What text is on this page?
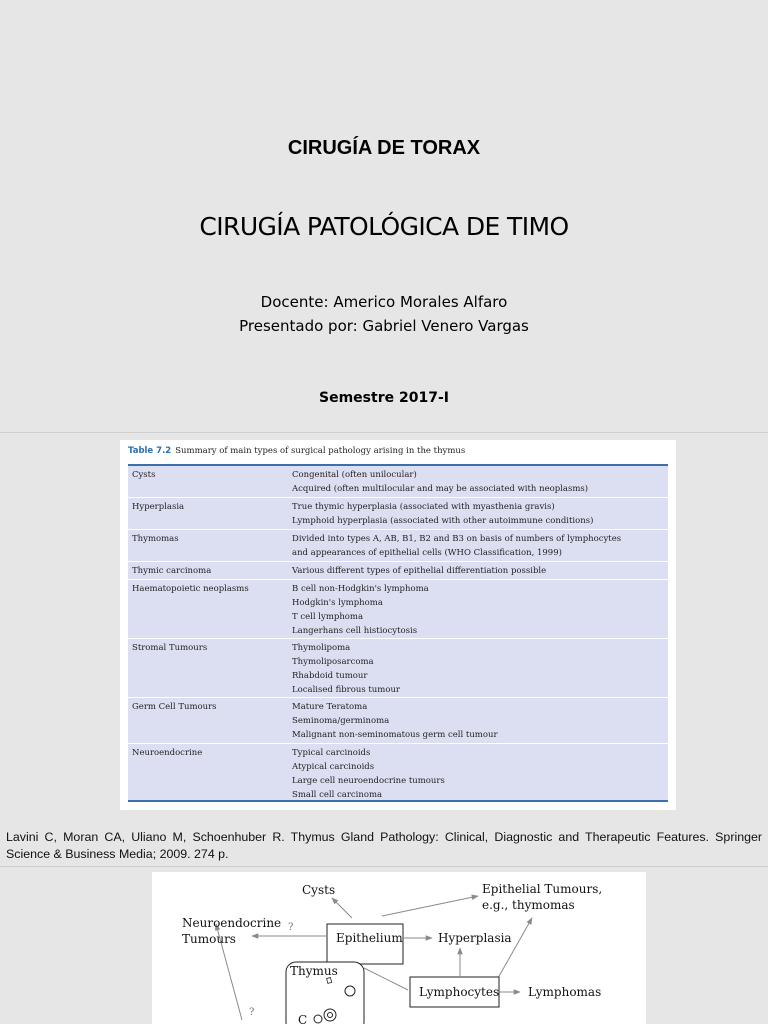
CIRUGÍA DE TORAX
CIRUGÍA PATOLÓGICA DE TIMO
Docente: Americo Morales Alfaro
Presentado por: Gabriel Venero Vargas
Semestre 2017-I
Table 7.2 Summary of main types of surgical pathology arising in the thymus
Cysts	Congenital (often unilocular)
Acquired (often multilocular and may be associated with neoplasms)
Hyperplasia	True thymic hyperplasia (associated with myasthenia gravis)
Lymphoid hyperplasia (associated with other autoimmune conditions)
Thymomas	Divided into types A, AB, B1, B2 and B3 on basis of numbers of lymphocytes
and appearances of epithelial cells (WHO Classification, 1999)
Thymic carcinoma	Various different types of epithelial differentiation possible
Haematopoietic neoplasms	B cell non-Hodgkin's lymphoma
Hodgkin's lymphoma
T cell lymphoma
Langerhans cell histiocytosis
Stromal Tumours	Thymolipoma
Thymoliposarcoma
Rhabdoid tumour
Localised fibrous tumour
Germ Cell Tumours	Mature Teratoma
Seminoma/germinoma
Malignant non-seminomatous germ cell tumour
Neuroendocrine	Typical carcinoids
Atypical carcinoids
Large cell neuroendocrine tumours
Small cell carcinoma
Lavini C, Moran CA, Uliano M, Schoenhuber R. Thymus Gland Pathology: Clinical, Diagnostic and Therapeutic Features. Springer Science & Business Media; 2009. 274 p.
Cysts	Epithelial Tumours,
e.g., thymomas
Neuroendocrine
Tumours	Epithelium	Hyperplasia
Thymus
Lymphocytes Lymphomas
?
?
C
